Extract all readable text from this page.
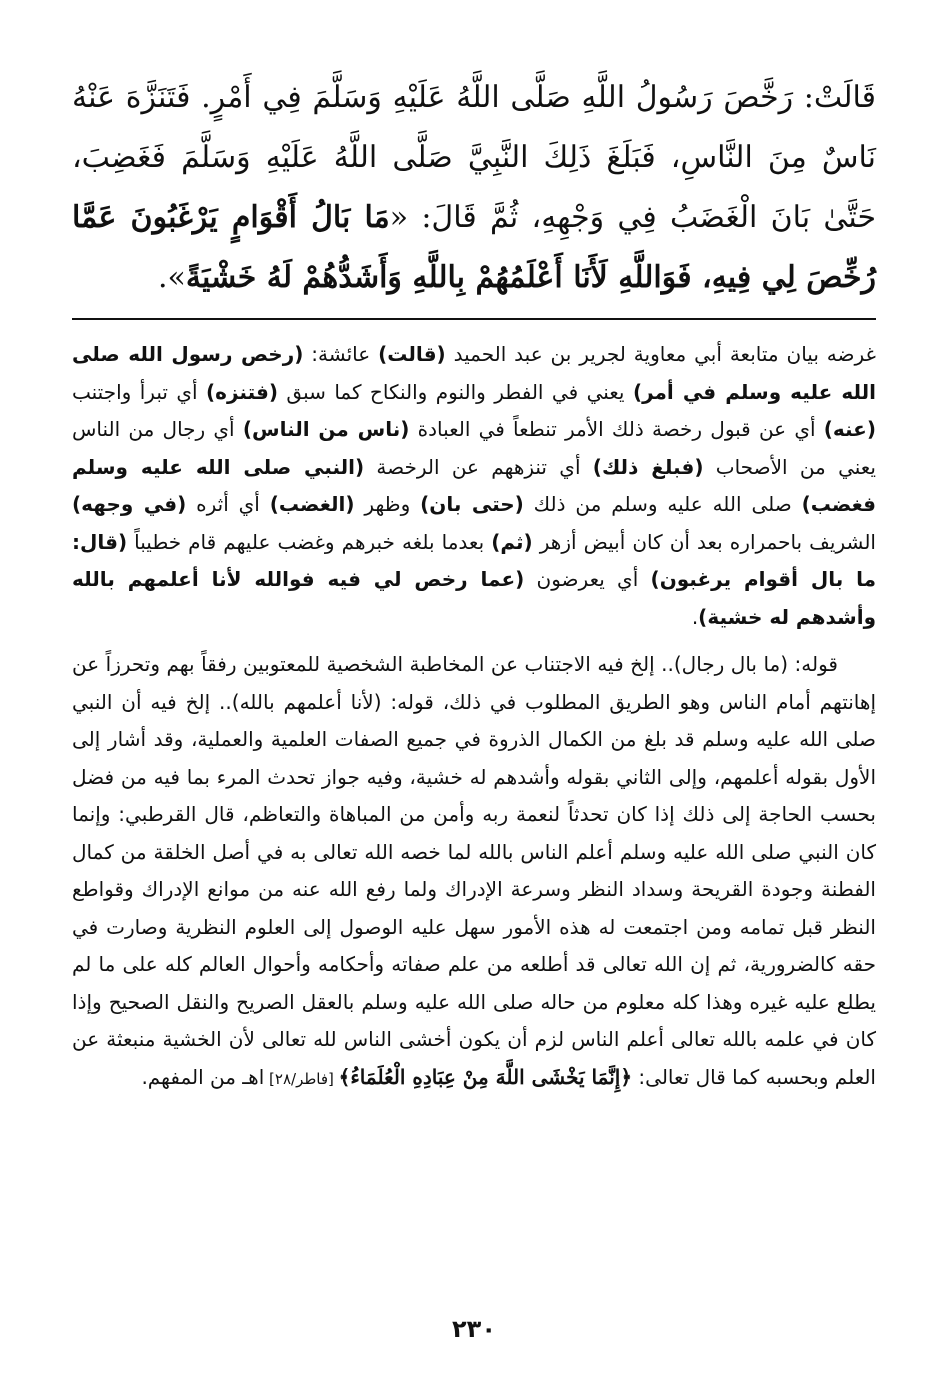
قَالَتْ: رَخَّصَ رَسُولُ اللَّهِ صَلَّى اللَّهُ عَلَيْهِ وَسَلَّمَ فِي أَمْرٍ. فَتَنَزَّهَ عَنْهُ نَاسٌ مِنَ النَّاسِ، فَبَلَغَ ذَلِكَ النَّبِيَّ صَلَّى اللَّهُ عَلَيْهِ وَسَلَّمَ فَغَضِبَ، حَتَّىٰ بَانَ الْغَضَبُ فِي وَجْهِهِ، ثُمَّ قَالَ: «مَا بَالُ أَقْوَامٍ يَرْغَبُونَ عَمَّا رُخِّصَ لِي فِيهِ، فَوَاللَّهِ لَأَنَا أَعْلَمُهُمْ بِاللَّهِ وَأَشَدُّهُمْ لَهُ خَشْيَةً».

غرضه بيان متابعة أبي معاوية لجرير بن عبد الحميد (قالت) عائشة: (رخص رسول الله صلى الله عليه وسلم في أمر) يعني في الفطر والنوم والنكاح كما سبق (فتنزه) أي تبرأ واجتنب (عنه) أي عن قبول رخصة ذلك الأمر تنطعاً في العبادة (ناس من الناس) أي رجال من الناس يعني من الأصحاب (فبلغ ذلك) أي تنزههم عن الرخصة (النبي صلى الله عليه وسلم فغضب) صلى الله عليه وسلم من ذلك (حتى بان) وظهر (الغضب) أي أثره (في وجهه) الشريف باحمراره بعد أن كان أبيض أزهر (ثم) بعدما بلغه خبرهم وغضب عليهم قام خطيباً (قال: ما بال أقوام يرغبون) أي يعرضون (عما رخص لي فيه فوالله لأنا أعلمهم بالله وأشدهم له خشية).

قوله: (ما بال رجال).. إلخ فيه الاجتناب عن المخاطبة الشخصية للمعتوبين رفقاً بهم وتحرزاً عن إهانتهم أمام الناس وهو الطريق المطلوب في ذلك، قوله: (لأنا أعلمهم بالله).. إلخ فيه أن النبي صلى الله عليه وسلم قد بلغ من الكمال الذروة في جميع الصفات العلمية والعملية، وقد أشار إلى الأول بقوله أعلمهم، وإلى الثاني بقوله وأشدهم له خشية، وفيه جواز تحدث المرء بما فيه من فضل بحسب الحاجة إلى ذلك إذا كان تحدثاً لنعمة ربه وأمن من المباهاة والتعاظم، قال القرطبي: وإنما كان النبي صلى الله عليه وسلم أعلم الناس بالله لما خصه الله تعالى به في أصل الخلقة من كمال الفطنة وجودة القريحة وسداد النظر وسرعة الإدراك ولما رفع الله عنه من موانع الإدراك وقواطع النظر قبل تمامه ومن اجتمعت له هذه الأمور سهل عليه الوصول إلى العلوم النظرية وصارت في حقه كالضرورية، ثم إن الله تعالى قد أطلعه من علم صفاته وأحكامه وأحوال العالم كله على ما لم يطلع عليه غيره وهذا كله معلوم من حاله صلى الله عليه وسلم بالعقل الصريح والنقل الصحيح وإذا كان في علمه بالله تعالى أعلم الناس لزم أن يكون أخشى الناس لله تعالى لأن الخشية منبعثة عن العلم وبحسبه كما قال تعالى: ﴿إِنَّمَا يَخْشَى اللَّهَ مِنْ عِبَادِهِ الْعُلَمَاءُ﴾ [فاطر/٢٨] اهـ من المفهم.

٢٣٠
